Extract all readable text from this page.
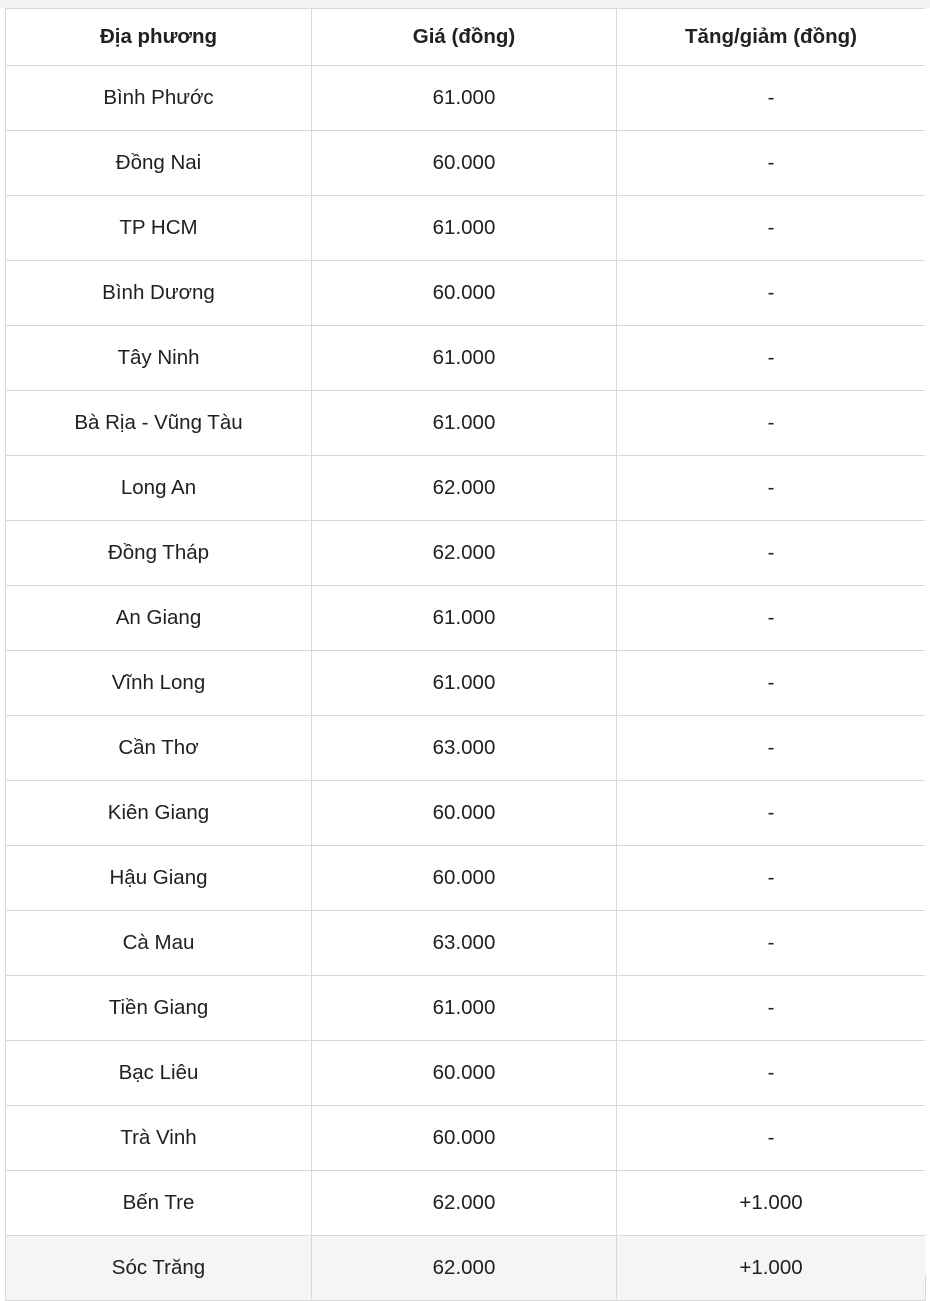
Địa phương	Giá (đồng)	Tăng/giảm (đồng)
Bình Phước	61.000	-
Đồng Nai	60.000	-
TP HCM	61.000	-
Bình Dương	60.000	-
Tây Ninh	61.000	-
Bà Rịa - Vũng Tàu	61.000	-
Long An	62.000	-
Đồng Tháp	62.000	-
An Giang	61.000	-
Vĩnh Long	61.000	-
Cần Thơ	63.000	-
Kiên Giang	60.000	-
Hậu Giang	60.000	-
Cà Mau	63.000	-
Tiền Giang	61.000	-
Bạc Liêu	60.000	-
Trà Vinh	60.000	-
Bến Tre	62.000	+1.000
Sóc Trăng	62.000	+1.000
